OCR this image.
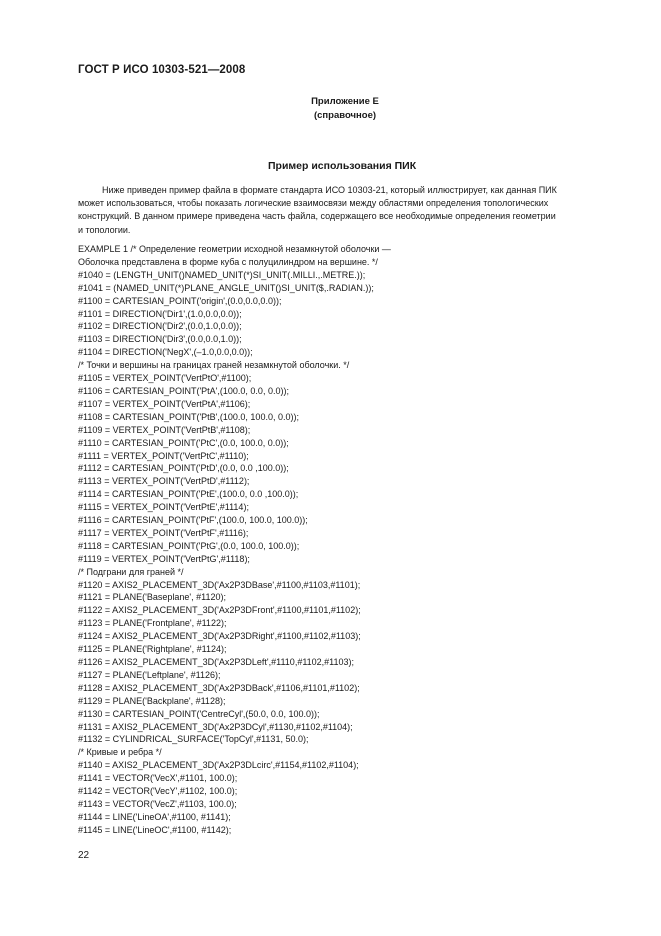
ГОСТ Р ИСО 10303-521—2008
Приложение Е
(справочное)
Пример использования ПИК

Ниже приведен пример файла в формате стандарта ИСО 10303-21, который иллюстрирует, как данная ПИК
может использоваться, чтобы показать логические взаимосвязи между областями определения топологических
конструкций. В данном примере приведена часть файла, содержащего все необходимые определения геометрии
и топологии.

EXAMPLE 1 /* Определение геометрии исходной незамкнутой оболочки —
Оболочка представлена в форме куба с полуцилиндром на вершине. */
#1040 = (LENGTH_UNIT()NAMED_UNIT(*)SI_UNIT(.MILLI.,.METRE.));
#1041 = (NAMED_UNIT(*)PLANE_ANGLE_UNIT()SI_UNIT($,.RADIAN.));
#1100 = CARTESIAN_POINT('origin',(0.0,0.0,0.0));
#1101 = DIRECTION('Dir1',(1.0,0.0,0.0));
#1102 = DIRECTION('Dir2',(0.0,1.0,0.0));
#1103 = DIRECTION('Dir3',(0.0,0.0,1.0));
#1104 = DIRECTION('NegX',(–1.0,0.0,0.0));
/* Точки и вершины на границах граней незамкнутой оболочки. */
#1105 = VERTEX_POINT('VertPtO',#1100);
#1106 = CARTESIAN_POINT('PtA',(100.0, 0.0, 0.0));
#1107 = VERTEX_POINT('VertPtA',#1106);
#1108 = CARTESIAN_POINT('PtB',(100.0, 100.0, 0.0));
#1109 = VERTEX_POINT('VertPtB',#1108);
#1110 = CARTESIAN_POINT('PtC',(0.0, 100.0, 0.0));
#1111 = VERTEX_POINT('VertPtC',#1110);
#1112 = CARTESIAN_POINT('PtD',(0.0, 0.0 ,100.0));
#1113 = VERTEX_POINT('VertPtD',#1112);
#1114 = CARTESIAN_POINT('PtE',(100.0, 0.0 ,100.0));
#1115 = VERTEX_POINT('VertPtE',#1114);
#1116 = CARTESIAN_POINT('PtF',(100.0, 100.0, 100.0));
#1117 = VERTEX_POINT('VertPtF',#1116);
#1118 = CARTESIAN_POINT('PtG',(0.0, 100.0, 100.0));
#1119 = VERTEX_POINT('VertPtG',#1118);
/* Подграни для граней */
#1120 = AXIS2_PLACEMENT_3D('Ax2P3DBase',#1100,#1103,#1101);
#1121 = PLANE('Baseplane', #1120);
#1122 = AXIS2_PLACEMENT_3D('Ax2P3DFront',#1100,#1101,#1102);
#1123 = PLANE('Frontplane', #1122);
#1124 = AXIS2_PLACEMENT_3D('Ax2P3DRight',#1100,#1102,#1103);
#1125 = PLANE('Rightplane', #1124);
#1126 = AXIS2_PLACEMENT_3D('Ax2P3DLeft',#1110,#1102,#1103);
#1127 = PLANE('Leftplane', #1126);
#1128 = AXIS2_PLACEMENT_3D('Ax2P3DBack',#1106,#1101,#1102);
#1129 = PLANE('Backplane', #1128);
#1130 = CARTESIAN_POINT('CentreCyl',(50.0, 0.0, 100.0));
#1131 = AXIS2_PLACEMENT_3D('Ax2P3DCyl',#1130,#1102,#1104);
#1132 = CYLINDRICAL_SURFACE('TopCyl',#1131, 50.0);
/* Кривые и ребра */
#1140 = AXIS2_PLACEMENT_3D('Ax2P3DLcirc',#1154,#1102,#1104);
#1141 = VECTOR('VecX',#1101, 100.0);
#1142 = VECTOR('VecY',#1102, 100.0);
#1143 = VECTOR('VecZ',#1103, 100.0);
#1144 = LINE('LineOA',#1100, #1141);
#1145 = LINE('LineOC',#1100, #1142);
22
